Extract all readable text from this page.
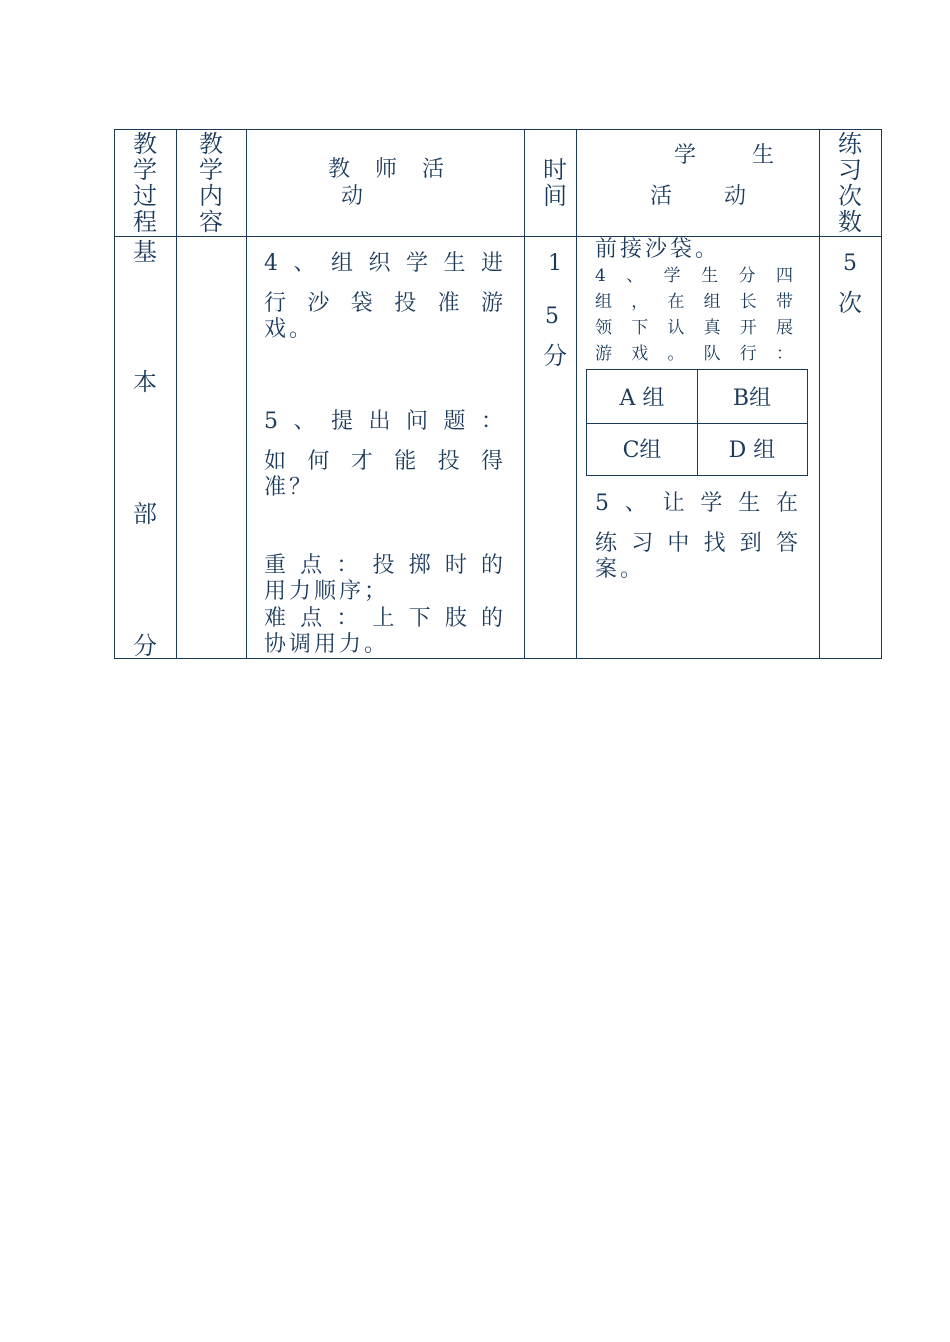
教
学
过
程
教
学
内
容
教 师 活
动
时
间
学 生
活 动
练
习
次
数
基
本
部
分
4、组织学生进
行沙袋投准游
戏。
5、提出问题：
如何才能投得
准？
重点：投掷时的
用力顺序；
难点：上下肢的
协调用力。
1
5
分
前接沙袋。
4、学生分四
组，在组长带
领下认真开展
游戏。队行：
A 组	B组
C组	D 组
5、让学生在
练习中找到答
案。
5
次
